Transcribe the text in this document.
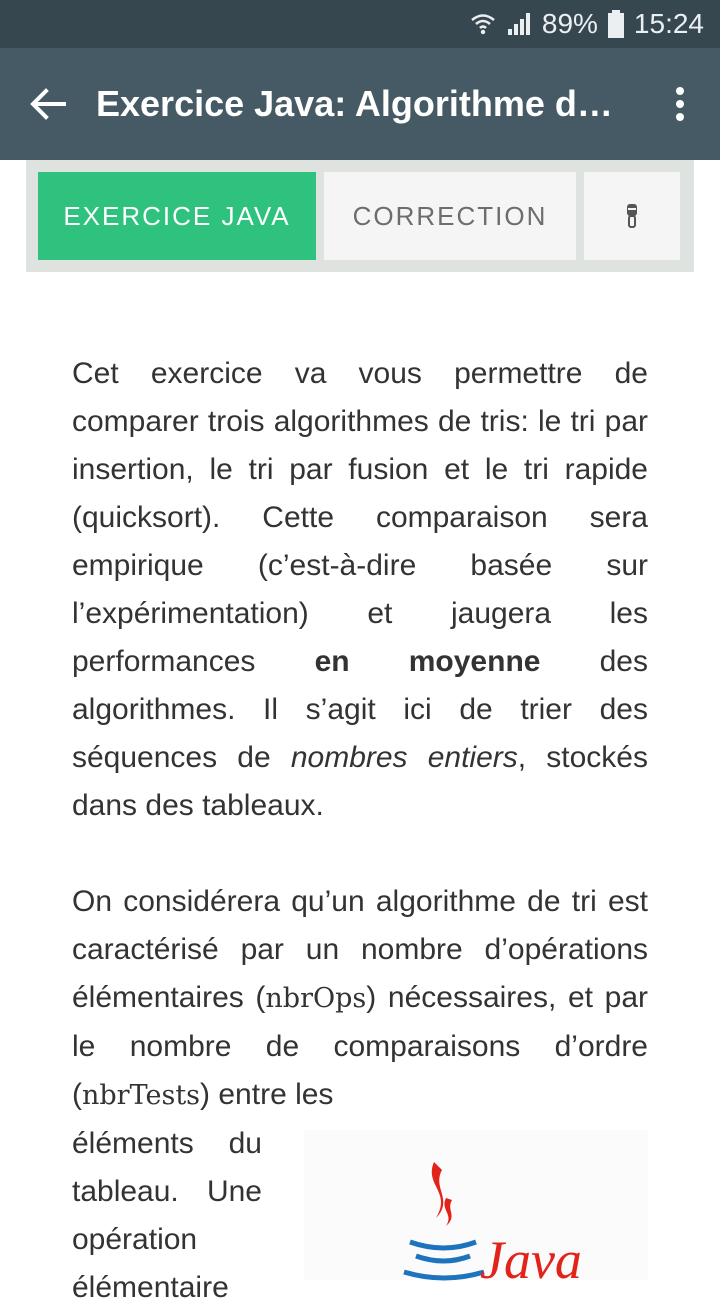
89% 15:24
Exercice Java: Algorithme d…
EXERCICE JAVA	CORRECTION

Cet exercice va vous permettre de comparer trois algorithmes de tris: le tri par insertion, le tri par fusion et le tri rapide (quicksort). Cette comparaison sera empirique (c’est-à-dire basée sur l’expérimentation) et jaugera les performances en moyenne des algorithmes. Il s’agit ici de trier des séquences de nombres entiers, stockés dans des tableaux.

On considérera qu’un algorithme de tri est caractérisé par un nombre d’opérations élémentaires (nbrOps) nécessaires, et par le nombre de comparaisons d’ordre (nbrTests) entre les

éléments du tableau. Une opération élémentaire	Java
